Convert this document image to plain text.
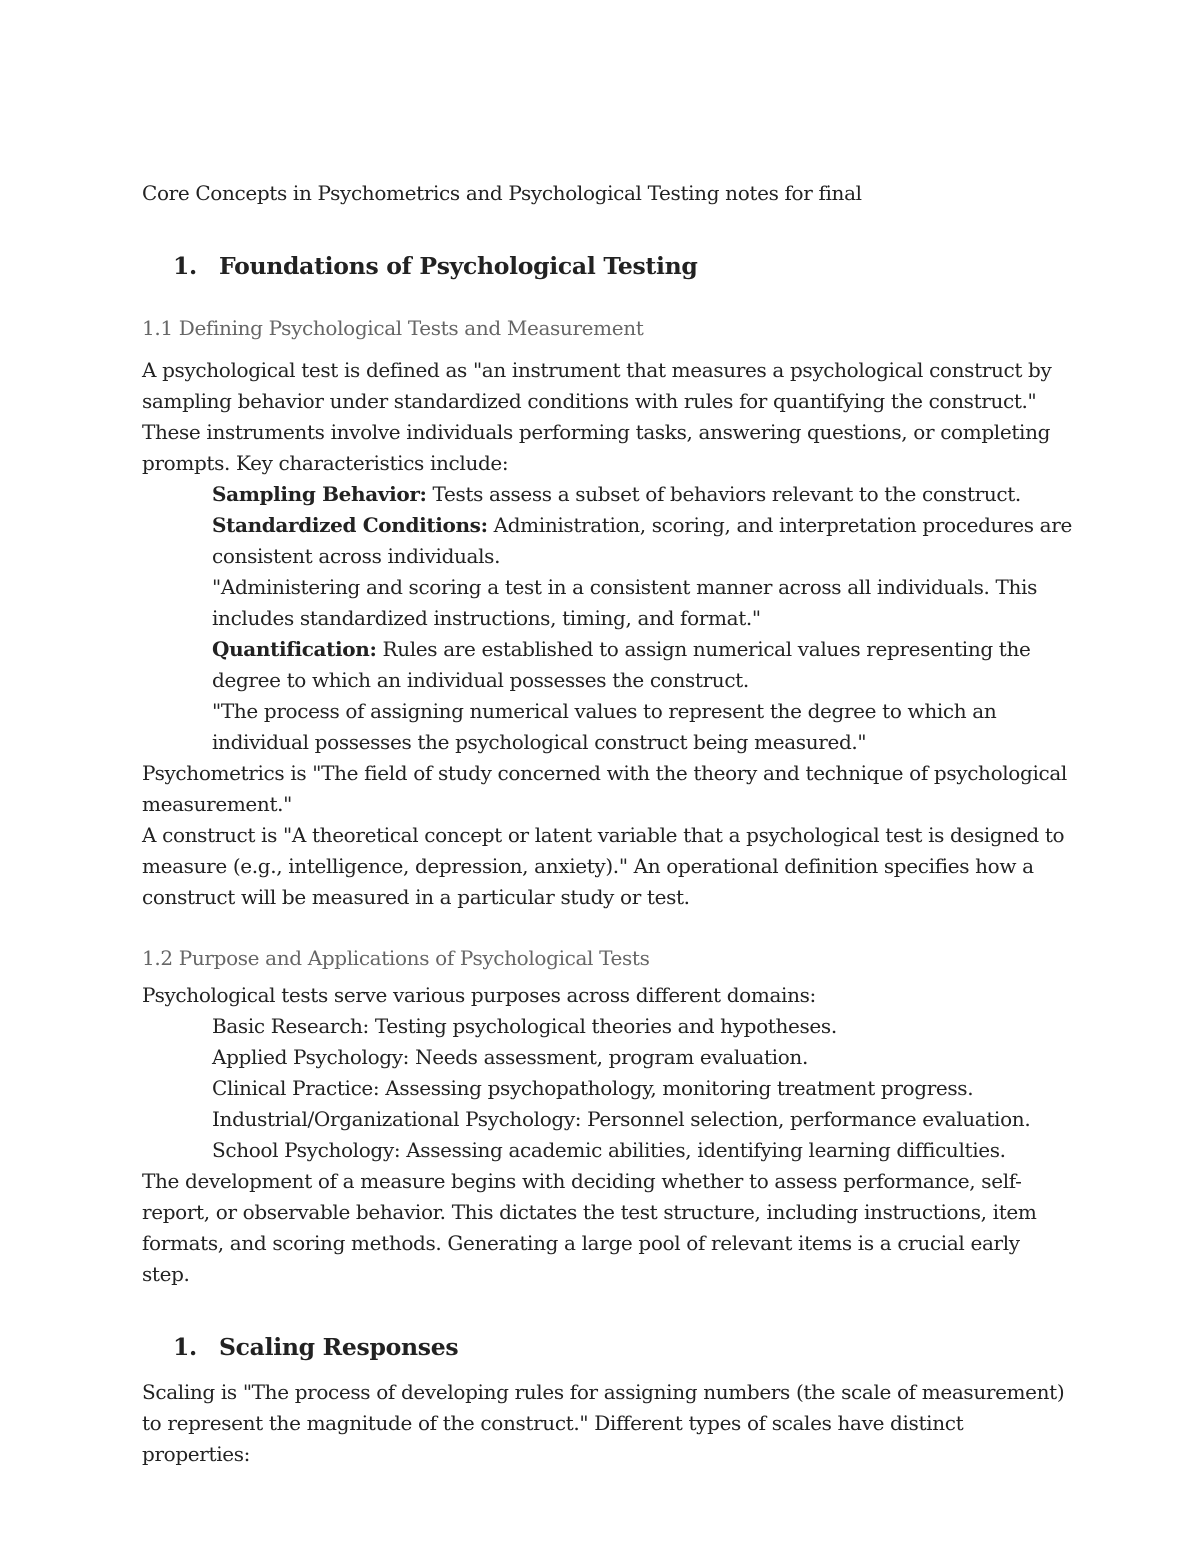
Core Concepts in Psychometrics and Psychological Testing notes for final

1. Foundations of Psychological Testing

1.1 Defining Psychological Tests and Measurement

A psychological test is defined as "an instrument that measures a psychological construct by sampling behavior under standardized conditions with rules for quantifying the construct." These instruments involve individuals performing tasks, answering questions, or completing prompts. Key characteristics include:

Sampling Behavior: Tests assess a subset of behaviors relevant to the construct.

Standardized Conditions: Administration, scoring, and interpretation procedures are consistent across individuals.

"Administering and scoring a test in a consistent manner across all individuals. This includes standardized instructions, timing, and format."

Quantification: Rules are established to assign numerical values representing the degree to which an individual possesses the construct.

"The process of assigning numerical values to represent the degree to which an individual possesses the psychological construct being measured."

Psychometrics is "The field of study concerned with the theory and technique of psychological measurement."

A construct is "A theoretical concept or latent variable that a psychological test is designed to measure (e.g., intelligence, depression, anxiety)." An operational definition specifies how a construct will be measured in a particular study or test.

1.2 Purpose and Applications of Psychological Tests

Psychological tests serve various purposes across different domains:

Basic Research: Testing psychological theories and hypotheses.

Applied Psychology: Needs assessment, program evaluation.

Clinical Practice: Assessing psychopathology, monitoring treatment progress.

Industrial/Organizational Psychology: Personnel selection, performance evaluation.

School Psychology: Assessing academic abilities, identifying learning difficulties.

The development of a measure begins with deciding whether to assess performance, self-report, or observable behavior. This dictates the test structure, including instructions, item formats, and scoring methods. Generating a large pool of relevant items is a crucial early step.

1. Scaling Responses

Scaling is "The process of developing rules for assigning numbers (the scale of measurement) to represent the magnitude of the construct." Different types of scales have distinct properties:
